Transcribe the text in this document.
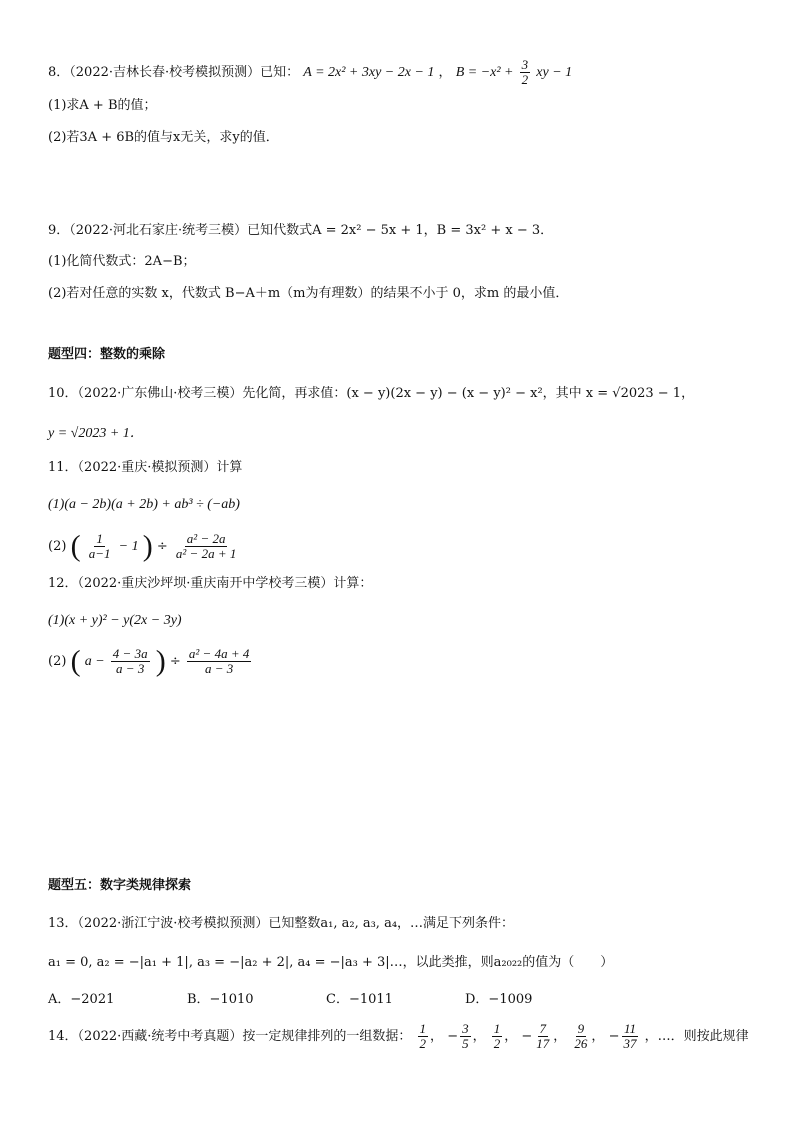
8．（2022·吉林长春·校考模拟预测）已知： A = 2x² + 3xy − 2x − 1 ， $B = -x^2 + \frac{3}{2}$ xy − 1
(1)求A + B的值；
(2)若3A + 6B的值与x无关，求y的值．
9．（2022·河北石家庄·统考三模）已知代数式A = 2x² − 5x + 1，B = 3x² + x − 3．
(1)化简代数式：2A−B；
(2)若对任意的实数 x，代数式 B−A＋m（m为有理数）的结果不小于 0，求m 的最小值．
题型四：整数的乘除
10．（2022·广东佛山·校考三模）先化简，再求值：(x − y)(2x − y) − (x − y)² − x²，其中 x = √2023 − 1，
y = √2023 + 1．
11．（2022·重庆·模拟预测）计算
(1)(a − 2b)(a + 2b) + ab³ ÷ (−ab)
(2) ( $\frac{1}{a-1} - 1$ ) ÷ $\frac{\text{a² − 2a}}{\text{a² − 2a + 1}}$
12．（2022·重庆沙坪坝·重庆南开中学校考三模）计算：
(1)(x + y)² − y(2x − 3y)
(2) ( $a - \frac{4 - 3a}{a - 3}$ ) ÷ $\frac{\text{a² − 4a + 4}}{a - 3}$
题型五：数字类规律探索
13．（2022·浙江宁波·校考模拟预测）已知整数a₁, a₂, a₃, a₄，…满足下列条件：
a₁ = 0, a₂ = −|a₁ + 1|, a₃ = −|a₂ + 2|, a₄ = −|a₃ + 3|…，以此类推，则a₂₀₂₂的值为（　　）
A．−2021	B．−1010	C．−1011	D．−1009
14．（2022·西藏·统考中考真题）按一定规律排列的一组数据： $\frac{1}{2}$ ， − $\frac{3}{5}$ ， $\frac{1}{2}$ ， − $\frac{7}{17}$ ， $\frac{9}{26}$ ， − $\frac{11}{37}$ ，…．则按此规律
